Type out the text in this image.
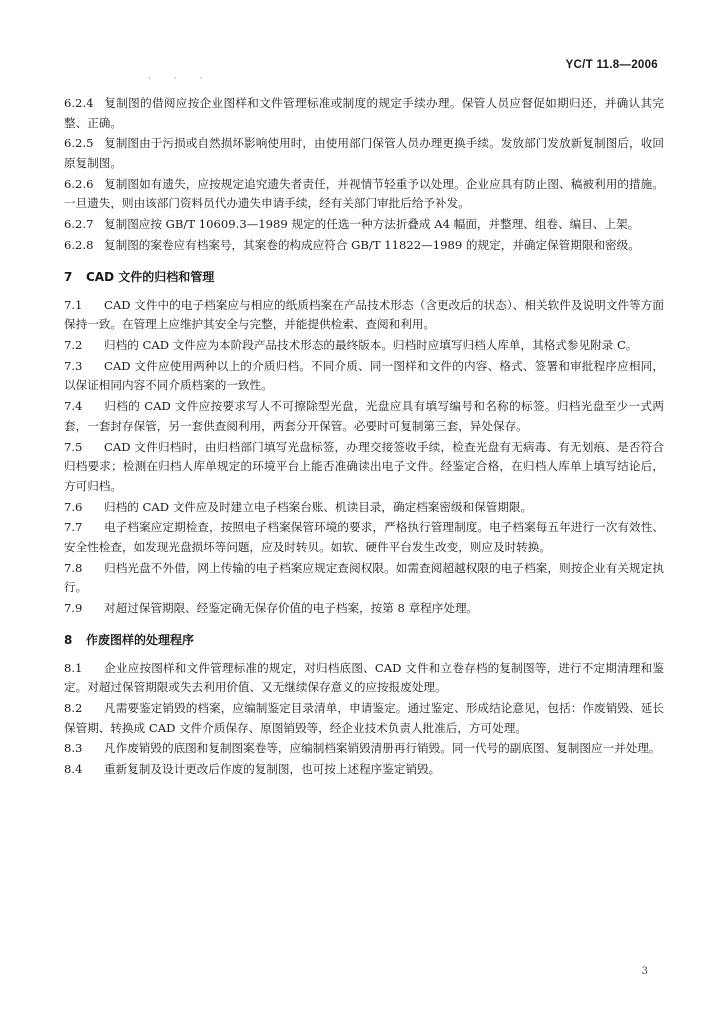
YC/T 11.8—2006
· · ·
6.2.4 复制图的借阅应按企业图样和文件管理标准或制度的规定手续办理。保管人员应督促如期归还，并确认其完整、正确。
6.2.5 复制图由于污损或自然损坏影响使用时，由使用部门保管人员办理更换手续。发放部门发放新复制图后，收回原复制图。
6.2.6 复制图如有遗失，应按规定追究遗失者责任，并视情节轻重予以处理。企业应具有防止图、稿被利用的措施。一旦遗失，则由该部门资料员代办遗失申请手续，经有关部门审批后给予补发。
6.2.7 复制图应按 GB/T 10609.3—1989 规定的任选一种方法折叠成 A4 幅面，并整理、组卷、编目、上架。
6.2.8 复制图的案卷应有档案号，其案卷的构成应符合 GB/T 11822—1989 的规定，并确定保管期限和密级。
7 CAD 文件的归档和管理
7.1 CAD 文件中的电子档案应与相应的纸质档案在产品技术形态（含更改后的状态）、相关软件及说明文件等方面保持一致。在管理上应维护其安全与完整，并能提供检索、查阅和利用。
7.2 归档的 CAD 文件应为本阶段产品技术形态的最终版本。归档时应填写归档人库单，其格式参见附录 C。
7.3 CAD 文件应使用两种以上的介质归档。不同介质、同一图样和文件的内容、格式、签署和审批程序应相同，以保证相同内容不同介质档案的一致性。
7.4 归档的 CAD 文件应按要求写人不可擦除型光盘，光盘应具有填写编号和名称的标签。归档光盘至少一式两套，一套封存保管，另一套供查阅利用，两套分开保管。必要时可复制第三套，异处保存。
7.5 CAD 文件归档时，由归档部门填写光盘标签，办理交接签收手续，检查光盘有无病毒、有无划痕、是否符合归档要求；检测在归档人库单规定的环境平台上能否准确读出电子文件。经鉴定合格，在归档人库单上填写结论后，方可归档。
7.6 归档的 CAD 文件应及时建立电子档案台账、机读目录，确定档案密级和保管期限。
7.7 电子档案应定期检查，按照电子档案保管环境的要求，严格执行管理制度。电子档案每五年进行一次有效性、安全性检查，如发现光盘损坏等问题，应及时转贝。如软、硬件平台发生改变，则应及时转换。
7.8 归档光盘不外借，网上传输的电子档案应规定查阅权限。如需查阅超越权限的电子档案，则按企业有关规定执行。
7.9 对超过保管期限、经鉴定确无保存价值的电子档案，按第 8 章程序处理。
8 作废图样的处理程序
8.1 企业应按图样和文件管理标准的规定，对归档底图、CAD 文件和立卷存档的复制图等，进行不定期清理和鉴定。对超过保管期限或失去利用价值、又无继续保存意义的应按报废处理。
8.2 凡需要鉴定销毁的档案，应编制鉴定目录清单，申请鉴定。通过鉴定、形成结论意见，包括：作废销毁、延长保管期、转换成 CAD 文件介质保存、原图销毁等，经企业技术负责人批准后，方可处理。
8.3 凡作废销毁的底图和复制图案卷等，应编制档案销毁清册再行销毁。同一代号的副底图、复制图应一并处理。
8.4 重新复制及设计更改后作废的复制图，也可按上述程序鉴定销毁。
3
